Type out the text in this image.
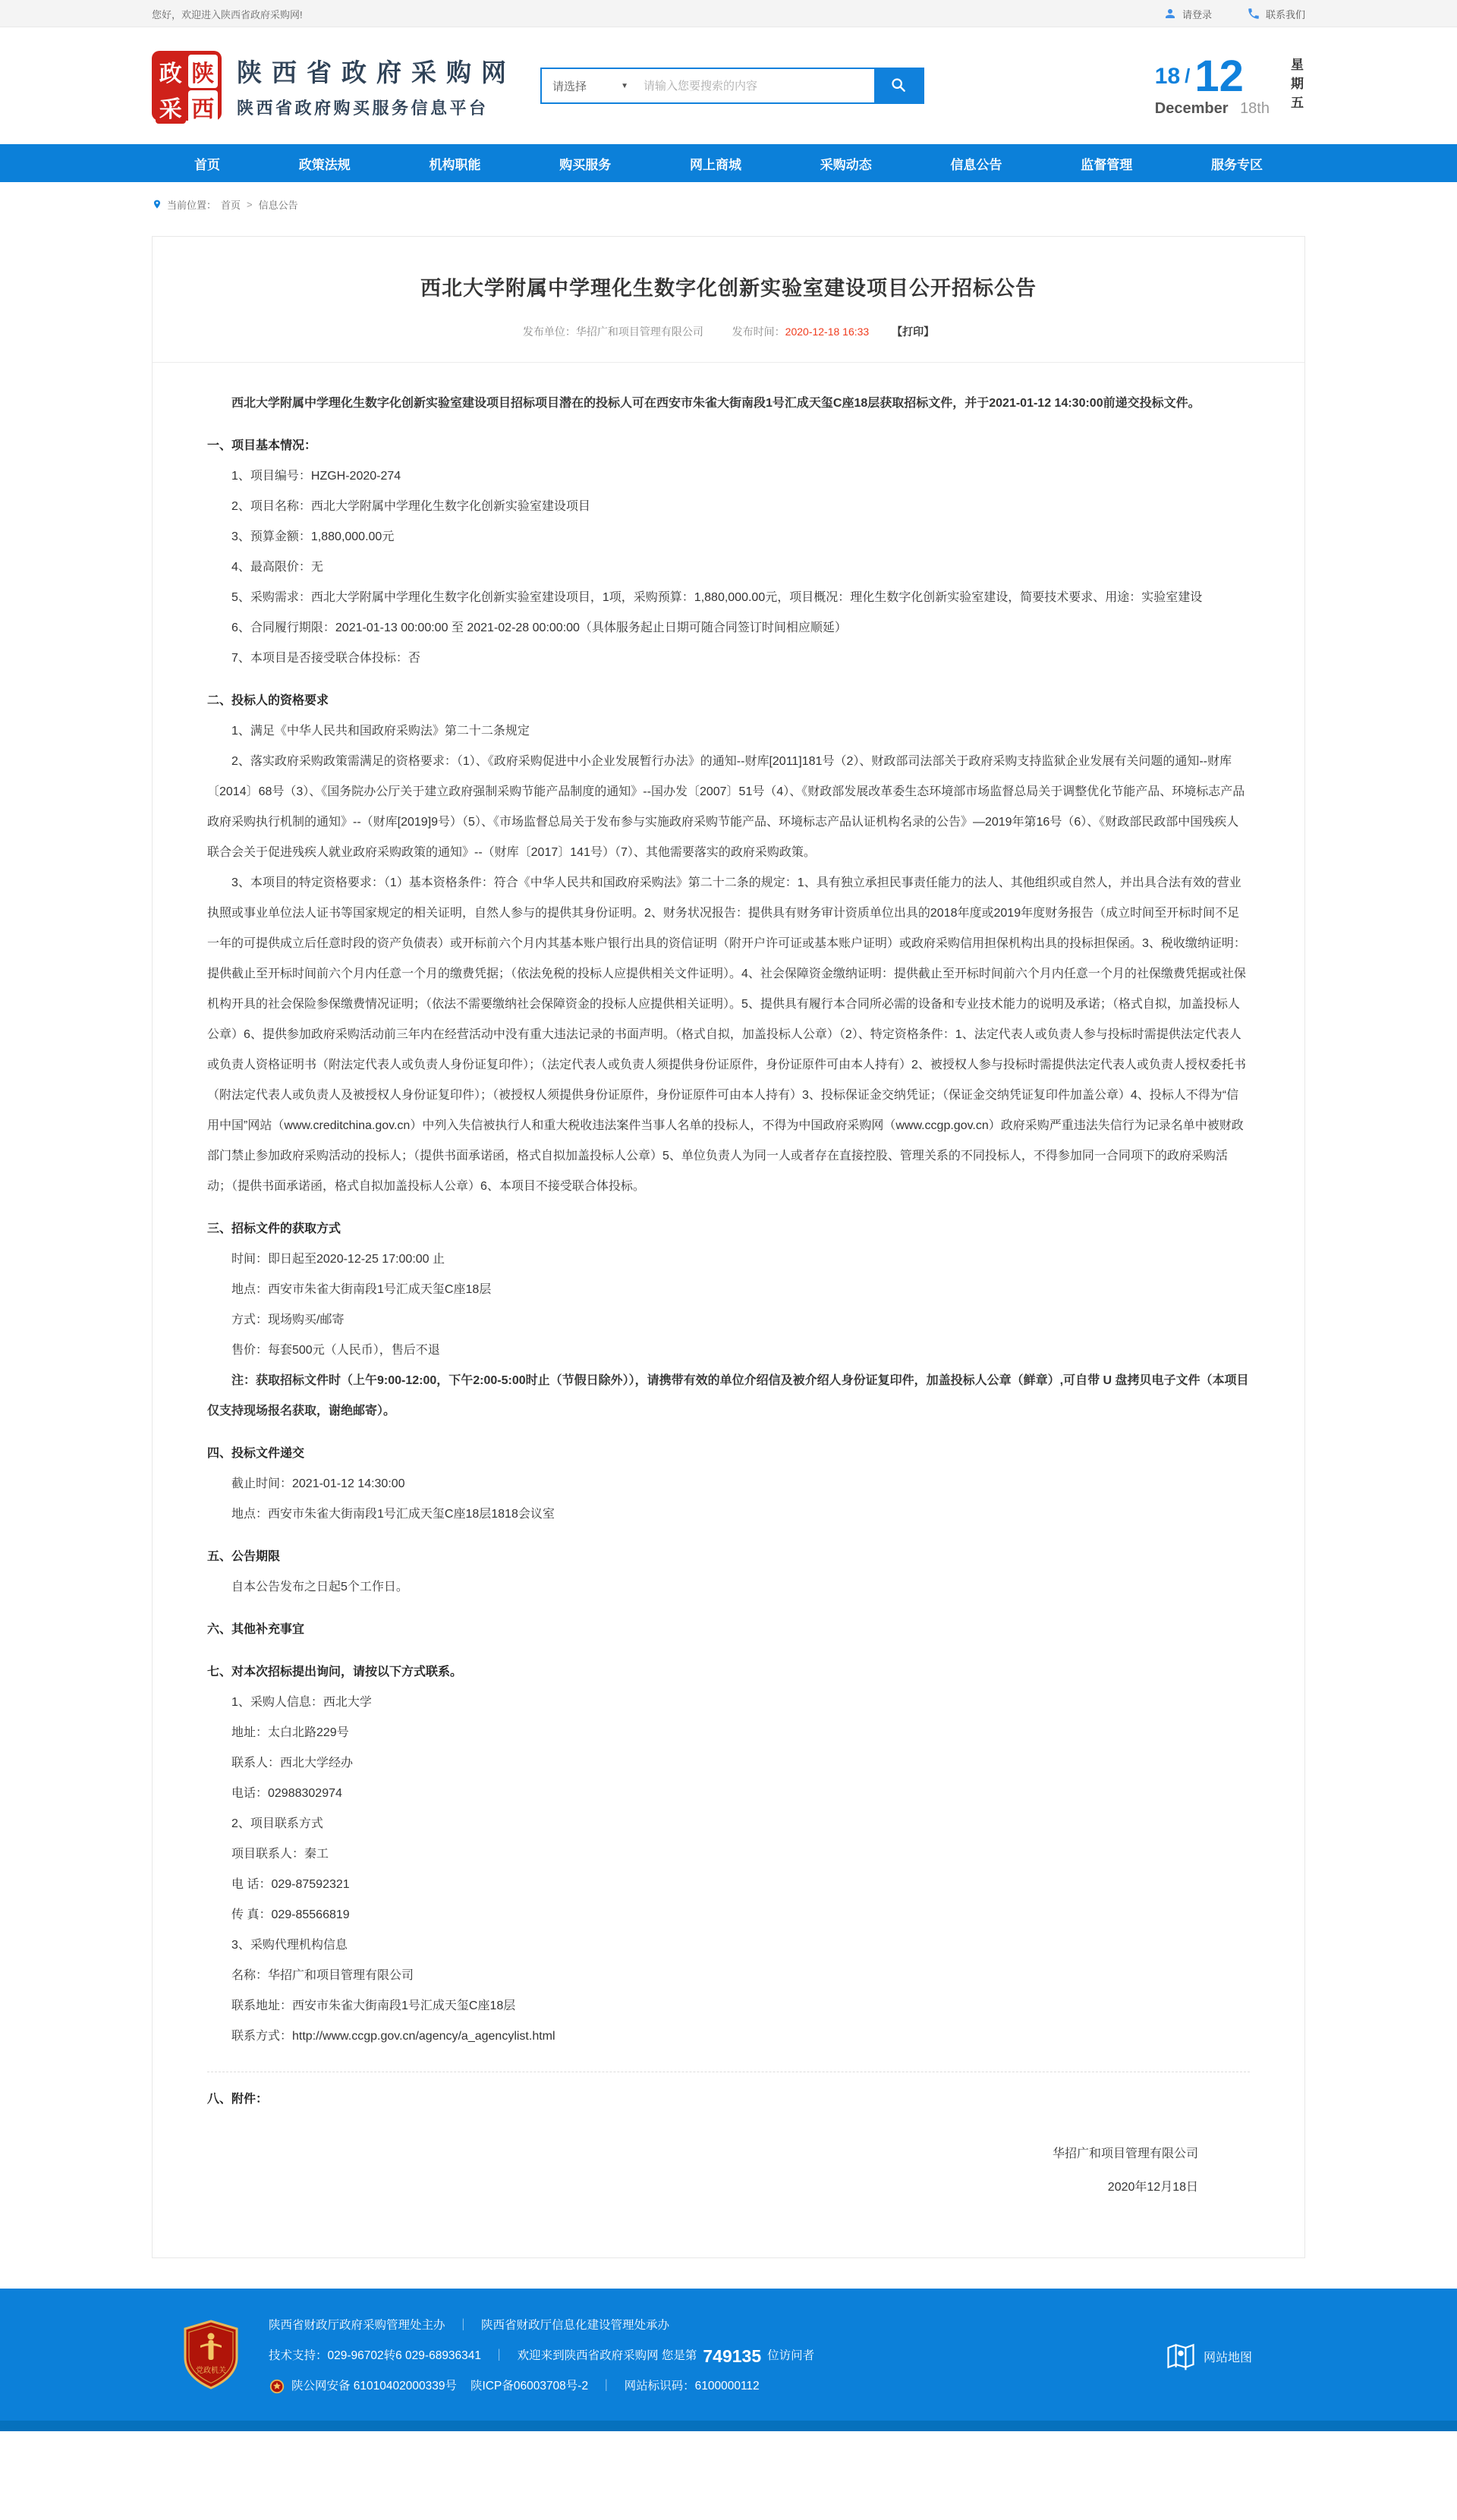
您好，欢迎进入陕西省政府采购网!	请登录	联系我们
政 陕
采 西
陕西省政府采购网
陕西省政府购买服务信息平台
请选择	▼
请输入您要搜索的内容	18 / 12
December 18th 星期五
首页	政策法规	机构职能	购买服务	网上商城	采购动态	信息公告	监督管理	服务专区
当前位置： 首页 > 信息公告
西北大学附属中学理化生数字化创新实验室建设项目公开招标公告
发布单位：华招广和项目管理有限公司	发布时间：2020-12-18 16:33 【打印】

西北大学附属中学理化生数字化创新实验室建设项目招标项目潜在的投标人可在西安市朱雀大街南段1号汇成天玺C座18层获取招标文件，并于2021-01-12 14:30:00前递交投标文件。

一、项目基本情况：

1、项目编号：HZGH-2020-274

2、项目名称：西北大学附属中学理化生数字化创新实验室建设项目

3、预算金额：1,880,000.00元

4、最高限价：无

5、采购需求：西北大学附属中学理化生数字化创新实验室建设项目，1项，采购预算：1,880,000.00元，项目概况：理化生数字化创新实验室建设，简要技术要求、用途：实验室建设

6、合同履行期限：2021-01-13 00:00:00 至 2021-02-28 00:00:00（具体服务起止日期可随合同签订时间相应顺延）

7、本项目是否接受联合体投标：否

二、投标人的资格要求

1、满足《中华人民共和国政府采购法》第二十二条规定

2、落实政府采购政策需满足的资格要求：（1）、《政府采购促进中小企业发展暂行办法》的通知--财库[2011]181号（2）、财政部司法部关于政府采购支持监狱企业发展有关问题的通知--财库〔2014〕68号（3）、《国务院办公厅关于建立政府强制采购节能产品制度的通知》--国办发〔2007〕51号（4）、《财政部发展改革委生态环境部市场监督总局关于调整优化节能产品、环境标志产品政府采购执行机制的通知》--（财库[2019]9号）（5）、《市场监督总局关于发布参与实施政府采购节能产品、环境标志产品认证机构名录的公告》—2019年第16号（6）、《财政部民政部中国残疾人联合会关于促进残疾人就业政府采购政策的通知》--（财库〔2017〕141号）（7）、其他需要落实的政府采购政策。

3、本项目的特定资格要求：（1）基本资格条件：符合《中华人民共和国政府采购法》第二十二条的规定：1、具有独立承担民事责任能力的法人、其他组织或自然人，并出具合法有效的营业执照或事业单位法人证书等国家规定的相关证明，自然人参与的提供其身份证明。2、财务状况报告：提供具有财务审计资质单位出具的2018年度或2019年度财务报告（成立时间至开标时间不足一年的可提供成立后任意时段的资产负债表）或开标前六个月内其基本账户银行出具的资信证明（附开户许可证或基本账户证明）或政府采购信用担保机构出具的投标担保函。3、税收缴纳证明：提供截止至开标时间前六个月内任意一个月的缴费凭据；（依法免税的投标人应提供相关文件证明）。4、社会保障资金缴纳证明：提供截止至开标时间前六个月内任意一个月的社保缴费凭据或社保机构开具的社会保险参保缴费情况证明；（依法不需要缴纳社会保障资金的投标人应提供相关证明）。5、提供具有履行本合同所必需的设备和专业技术能力的说明及承诺；（格式自拟，加盖投标人公章）6、提供参加政府采购活动前三年内在经营活动中没有重大违法记录的书面声明。（格式自拟，加盖投标人公章）（2）、特定资格条件：1、法定代表人或负责人参与投标时需提供法定代表人或负责人资格证明书（附法定代表人或负责人身份证复印件）；（法定代表人或负责人须提供身份证原件，身份证原件可由本人持有）2、被授权人参与投标时需提供法定代表人或负责人授权委托书（附法定代表人或负责人及被授权人身份证复印件）；（被授权人须提供身份证原件，身份证原件可由本人持有）3、投标保证金交纳凭证；（保证金交纳凭证复印件加盖公章）4、投标人不得为“信用中国”网站（www.creditchina.gov.cn）中列入失信被执行人和重大税收违法案件当事人名单的投标人，不得为中国政府采购网（www.ccgp.gov.cn）政府采购严重违法失信行为记录名单中被财政部门禁止参加政府采购活动的投标人；（提供书面承诺函，格式自拟加盖投标人公章）5、单位负责人为同一人或者存在直接控股、管理关系的不同投标人，不得参加同一合同项下的政府采购活动；（提供书面承诺函，格式自拟加盖投标人公章）6、本项目不接受联合体投标。

三、招标文件的获取方式

时间：即日起至2020-12-25 17:00:00 止

地点：西安市朱雀大街南段1号汇成天玺C座18层

方式：现场购买/邮寄

售价：每套500元（人民币），售后不退

注：获取招标文件时（上午9:00-12:00，下午2:00-5:00时止（节假日除外）），请携带有效的单位介绍信及被介绍人身份证复印件，加盖投标人公章（鲜章）,可自带 U 盘拷贝电子文件（本项目仅支持现场报名获取，谢绝邮寄）。

四、投标文件递交

截止时间：2021-01-12 14:30:00

地点：西安市朱雀大街南段1号汇成天玺C座18层1818会议室

五、公告期限

自本公告发布之日起5个工作日。

六、其他补充事宜

七、对本次招标提出询问，请按以下方式联系。

1、采购人信息：西北大学

地址：太白北路229号

联系人：西北大学经办

电话：02988302974

2、项目联系方式

项目联系人：秦工

电 话：029-87592321

传 真：029-85566819

3、采购代理机构信息

名称：华招广和项目管理有限公司

联系地址：西安市朱雀大街南段1号汇成天玺C座18层

联系方式：http://www.ccgp.gov.cn/agency/a_agencylist.html

八、附件：

华招广和项目管理有限公司

2020年12月18日

党政机关
陕西省财政厅政府采购管理处主办 ｜ 陕西省财政厅信息化建设管理处承办
技术支持：029-96702转6 029-68936341 ｜ 欢迎来到陕西省政府采购网 您是第 749135 位访问者
陕公网安备 61010402000339号 陕ICP备06003708号-2 ｜ 网站标识码：6100000112
网站地图
